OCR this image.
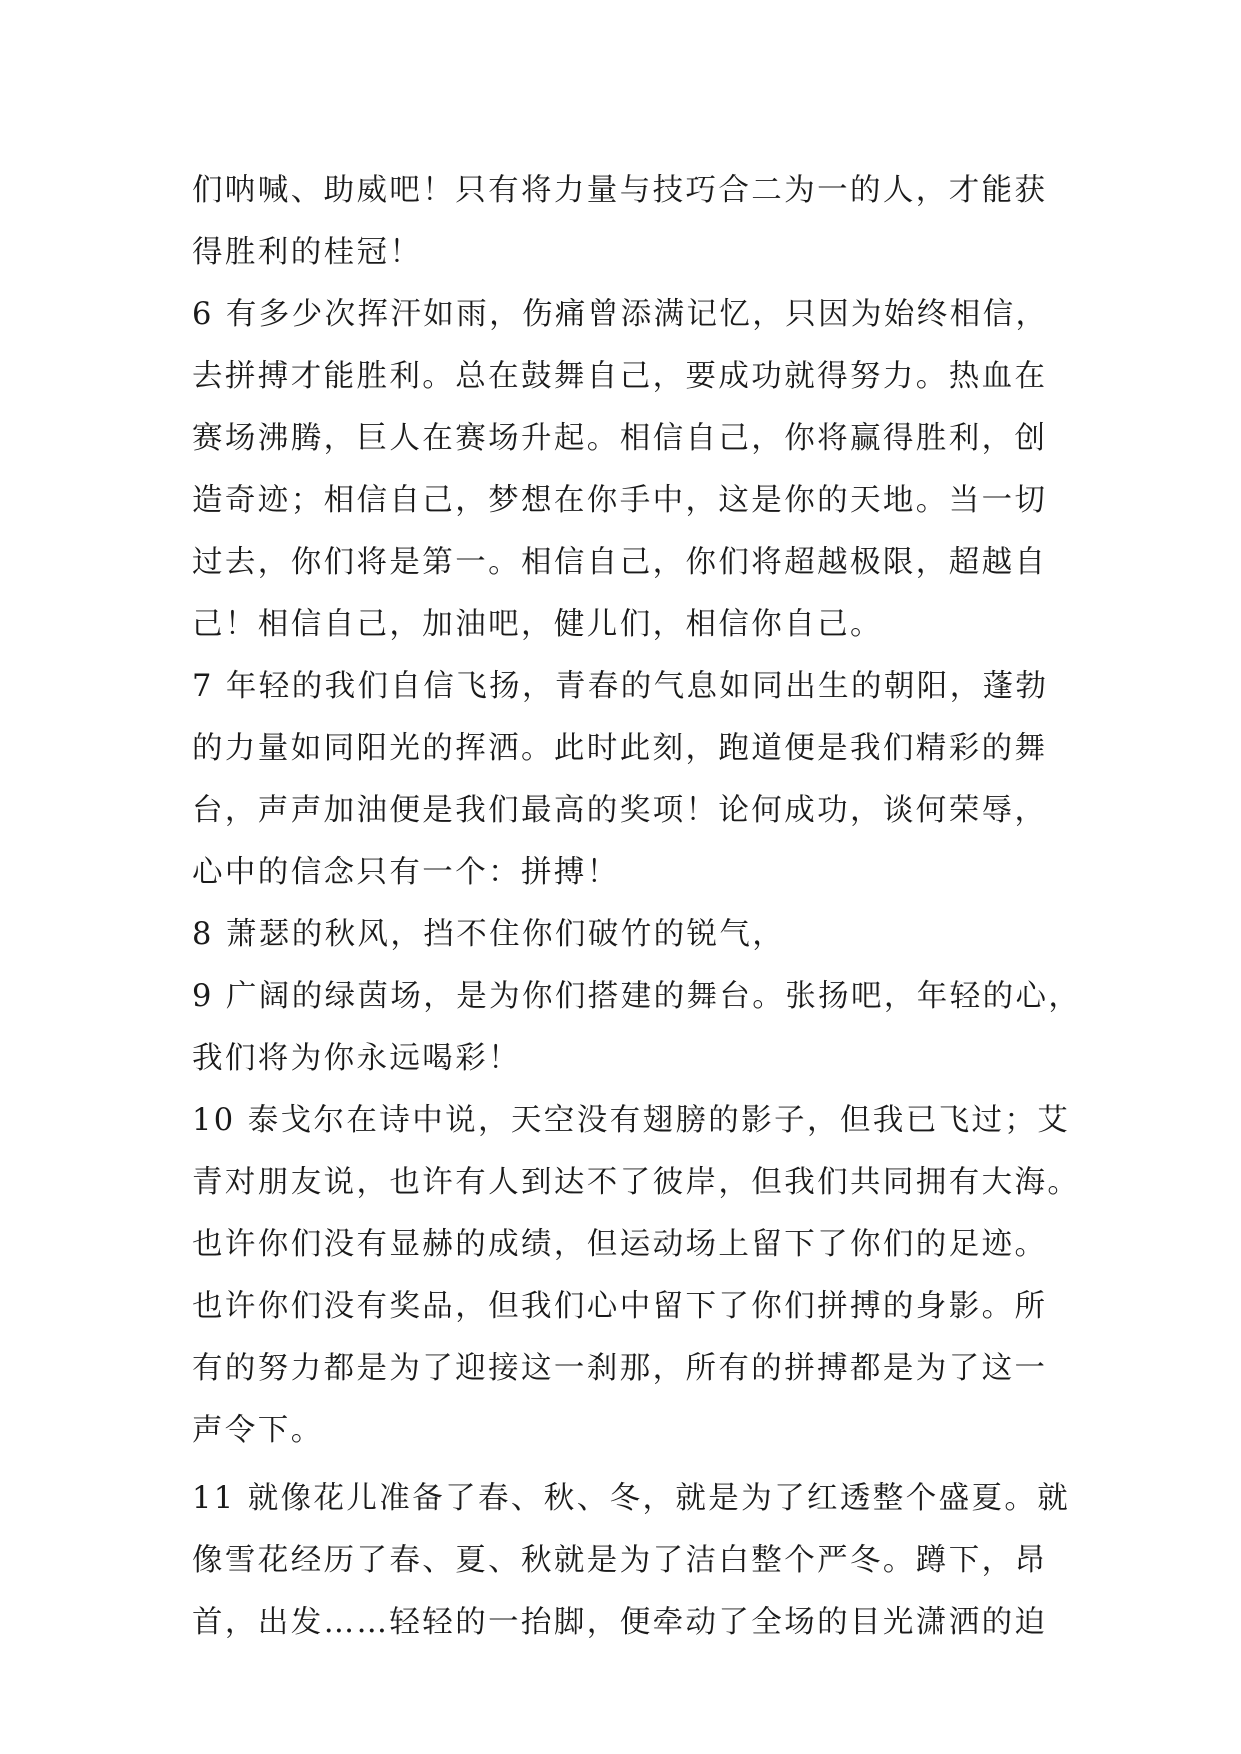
们呐喊、助威吧！只有将力量与技巧合二为一的人，才能获
得胜利的桂冠！
6 有多少次挥汗如雨，伤痛曾添满记忆，只因为始终相信，
去拼搏才能胜利。总在鼓舞自己，要成功就得努力。热血在
赛场沸腾，巨人在赛场升起。相信自己，你将赢得胜利，创
造奇迹；相信自己，梦想在你手中，这是你的天地。当一切
过去，你们将是第一。相信自己，你们将超越极限，超越自
己！相信自己，加油吧，健儿们，相信你自己。
7 年轻的我们自信飞扬，青春的气息如同出生的朝阳，蓬勃
的力量如同阳光的挥洒。此时此刻，跑道便是我们精彩的舞
台，声声加油便是我们最高的奖项！论何成功，谈何荣辱，
心中的信念只有一个：拼搏！
8 萧瑟的秋风，挡不住你们破竹的锐气，
9 广阔的绿茵场，是为你们搭建的舞台。张扬吧，年轻的心，
我们将为你永远喝彩！
10 泰戈尔在诗中说，天空没有翅膀的影子，但我已飞过；艾
青对朋友说，也许有人到达不了彼岸，但我们共同拥有大海。
也许你们没有显赫的成绩，但运动场上留下了你们的足迹。
也许你们没有奖品，但我们心中留下了你们拼搏的身影。所
有的努力都是为了迎接这一刹那，所有的拼搏都是为了这一
声令下。
11 就像花儿准备了春、秋、冬，就是为了红透整个盛夏。就
像雪花经历了春、夏、秋就是为了洁白整个严冬。蹲下，昂
首，出发……轻轻的一抬脚，便牵动了全场的目光潇洒的迫
